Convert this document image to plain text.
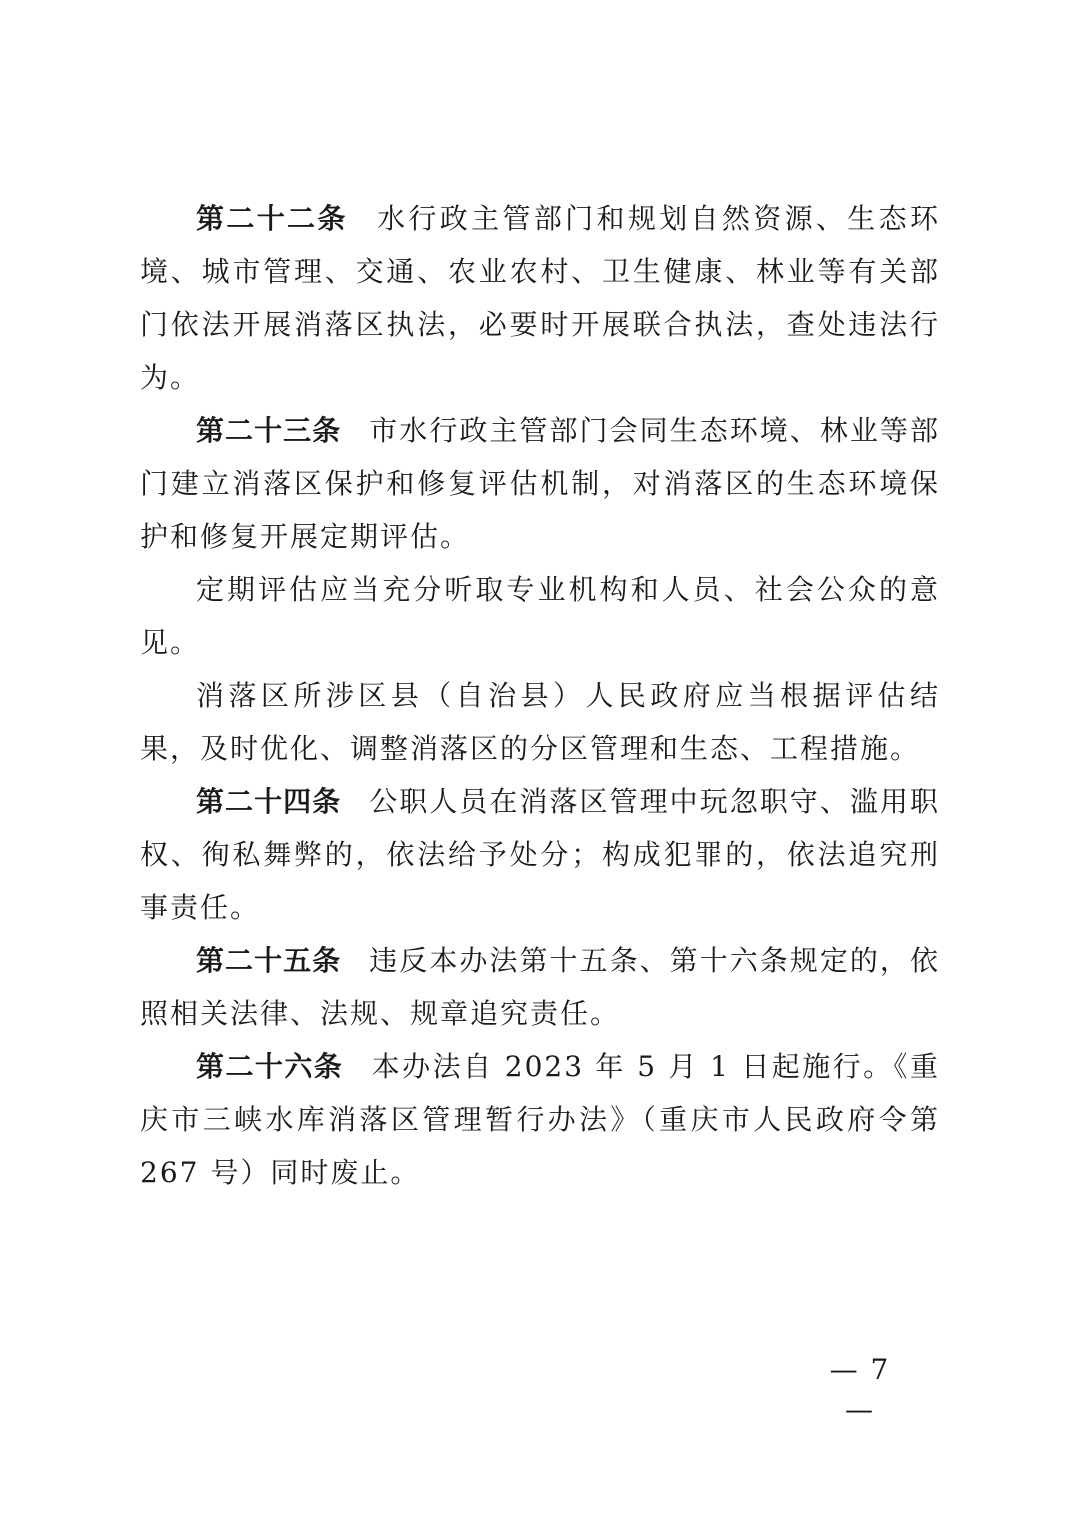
第二十二条 水行政主管部门和规划自然资源、生态环境、城市管理、交通、农业农村、卫生健康、林业等有关部门依法开展消落区执法，必要时开展联合执法，查处违法行为。

第二十三条 市水行政主管部门会同生态环境、林业等部门建立消落区保护和修复评估机制，对消落区的生态环境保护和修复开展定期评估。

定期评估应当充分听取专业机构和人员、社会公众的意见。

消落区所涉区县（自治县）人民政府应当根据评估结果，及时优化、调整消落区的分区管理和生态、工程措施。

第二十四条 公职人员在消落区管理中玩忽职守、滥用职权、徇私舞弊的，依法给予处分；构成犯罪的，依法追究刑事责任。

第二十五条 违反本办法第十五条、第十六条规定的，依照相关法律、法规、规章追究责任。

第二十六条 本办法自 2023 年 5 月 1 日起施行。《重庆市三峡水库消落区管理暂行办法》（重庆市人民政府令第 267 号）同时废止。

— 7 —
